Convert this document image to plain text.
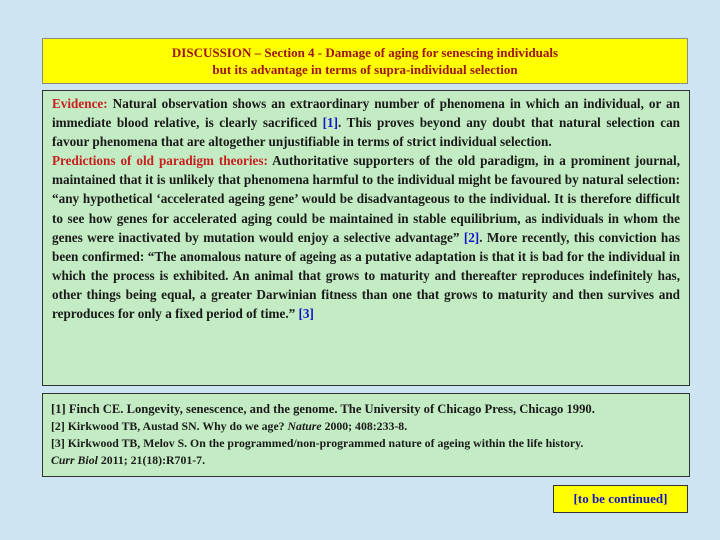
DISCUSSION – Section 4 - Damage of aging for senescing individuals
but its advantage in terms of supra-individual selection

Evidence: Natural observation shows an extraordinary number of phenomena in which an individual, or an immediate blood relative, is clearly sacrificed [1]. This proves beyond any doubt that natural selection can favour phenomena that are altogether unjustifiable in terms of strict individual selection.

Predictions of old paradigm theories: Authoritative supporters of the old paradigm, in a prominent journal, maintained that it is unlikely that phenomena harmful to the individual might be favoured by natural selection: “any hypothetical ‘accelerated ageing gene’ would be disadvantageous to the individual. It is therefore difficult to see how genes for accelerated aging could be maintained in stable equilibrium, as individuals in whom the genes were inactivated by mutation would enjoy a selective advantage” [2]. More recently, this conviction has been confirmed: “The anomalous nature of ageing as a putative adaptation is that it is bad for the individual in which the process is exhibited. An animal that grows to maturity and thereafter reproduces indefinitely has, other things being equal, a greater Darwinian fitness than one that grows to maturity and then survives and reproduces for only a fixed period of time.” [3]

[1] Finch CE. Longevity, senescence, and the genome. The University of Chicago Press, Chicago 1990.
[2] Kirkwood TB, Austad SN. Why do we age? Nature 2000; 408:233-8.
[3] Kirkwood TB, Melov S. On the programmed/non-programmed nature of ageing within the life history.
Curr Biol 2011; 21(18):R701-7.
[to be continued]
